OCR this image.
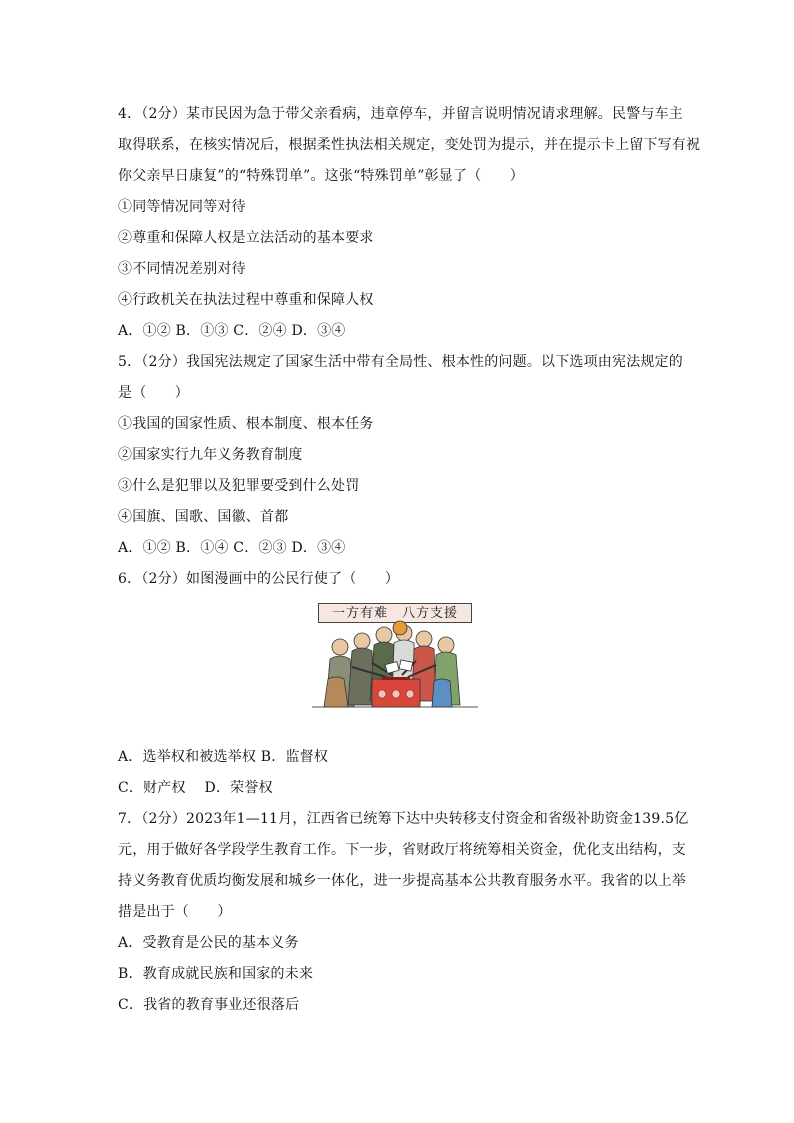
4．（2分）某市民因为急于带父亲看病，违章停车，并留言说明情况请求理解。民警与车主
取得联系，在核实情况后，根据柔性执法相关规定，变处罚为提示，并在提示卡上留下写有祝
你父亲早日康复”的“特殊罚单”。这张“特殊罚单”彰显了（　　）
①同等情况同等对待
②尊重和保障人权是立法活动的基本要求
③不同情况差别对待
④行政机关在执法过程中尊重和保障人权
A．①② B．①③ C．②④ D．③④
5．（2分）我国宪法规定了国家生活中带有全局性、根本性的问题。以下选项由宪法规定的
是（　　）
①我国的国家性质、根本制度、根本任务
②国家实行九年义务教育制度
③什么是犯罪以及犯罪要受到什么处罚
④国旗、国歌、国徽、首都
A．①② B．①④ C．②③ D．③④
6．（2分）如图漫画中的公民行使了（　　）
一方有难　八方支援
A．选举权和被选举权 B．监督权
C．财产权　 D．荣誉权
7．（2分）2023年1—11月，江西省已统筹下达中央转移支付资金和省级补助资金139.5亿
元，用于做好各学段学生教育工作。下一步，省财政厅将统筹相关资金，优化支出结构，支
持义务教育优质均衡发展和城乡一体化，进一步提高基本公共教育服务水平。我省的以上举
措是出于（　　）
A．受教育是公民的基本义务
B．教育成就民族和国家的未来
C．我省的教育事业还很落后
